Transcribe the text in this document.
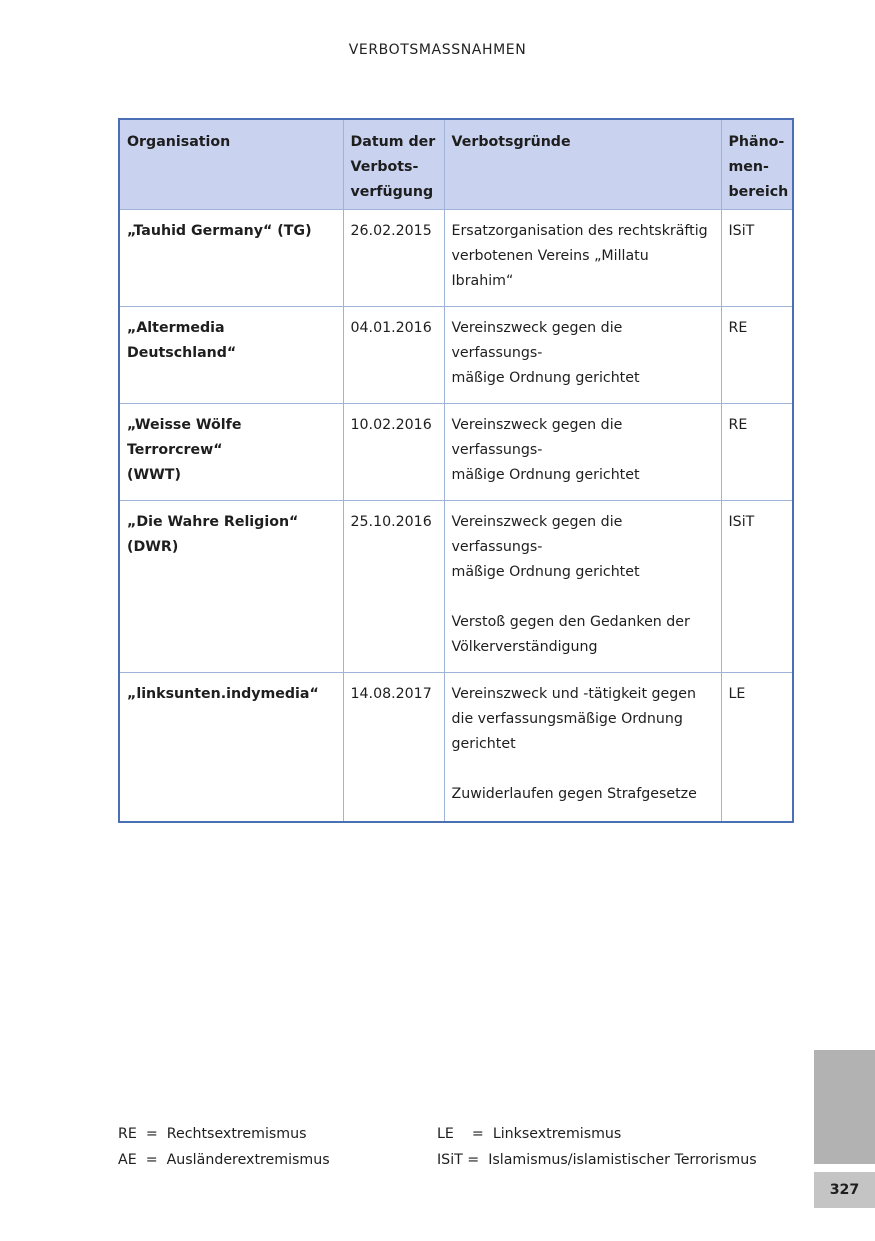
VERBOTSMASSNAHMEN
Organisation	Datum der
Verbots-
verfügung	Verbotsgründe	Phäno-
men-
bereich
„Tauhid Germany“ (TG)	26.02.2015	Ersatzorganisation des rechtskräftig
verbotenen Vereins „Millatu Ibrahim“	ISiT
„Altermedia Deutschland“	04.01.2016	Vereinszweck gegen die verfassungs-
mäßige Ordnung gerichtet	RE
„Weisse Wölfe Terrorcrew“
(WWT)	10.02.2016	Vereinszweck gegen die verfassungs-
mäßige Ordnung gerichtet	RE
„Die Wahre Religion“ (DWR)	25.10.2016	Vereinszweck gegen die verfassungs-
mäßige Ordnung gerichtet
Verstoß gegen den Gedanken der
Völkerverständigung	ISiT
„linksunten.indymedia“	14.08.2017	Vereinszweck und -tätigkeit gegen
die verfassungsmäßige Ordnung
gerichtet
Zuwiderlaufen gegen Strafgesetze	LE
RE  =  Rechtsextremismus
AE  =  Ausländerextremismus
LE    =  Linksextremismus
ISiT =  Islamismus/islamistischer Terrorismus
327
